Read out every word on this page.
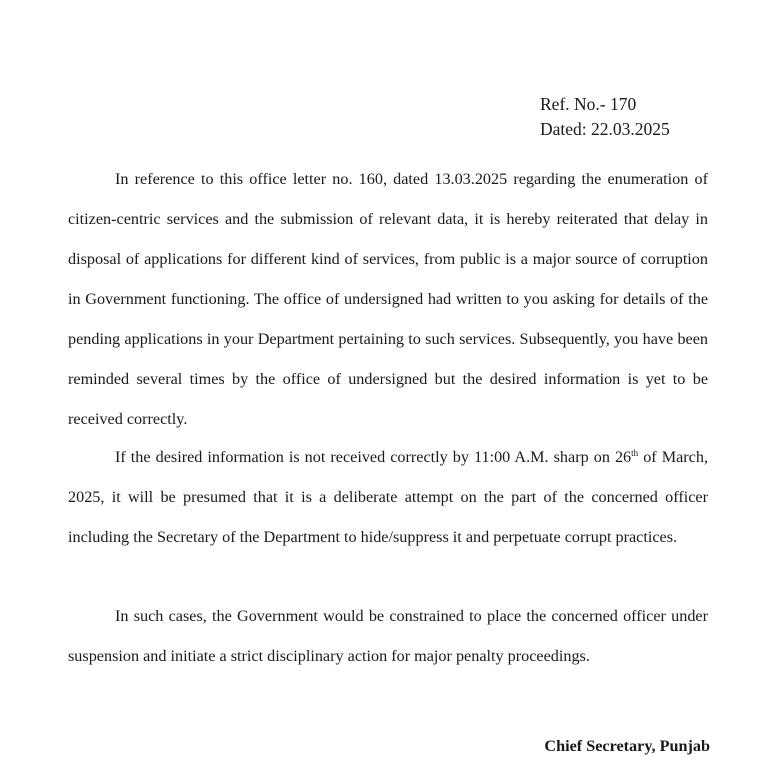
Ref. No.- 170
Dated: 22.03.2025

In reference to this office letter no. 160, dated 13.03.2025 regarding the enumeration of citizen-centric services and the submission of relevant data, it is hereby reiterated that delay in disposal of applications for different kind of services, from public is a major source of corruption in Government functioning. The office of undersigned had written to you asking for details of the pending applications in your Department pertaining to such services. Subsequently, you have been reminded several times by the office of undersigned but the desired information is yet to be received correctly.

If the desired information is not received correctly by 11:00 A.M. sharp on 26th of March, 2025, it will be presumed that it is a deliberate attempt on the part of the concerned officer including the Secretary of the Department to hide/suppress it and perpetuate corrupt practices.

In such cases, the Government would be constrained to place the concerned officer under suspension and initiate a strict disciplinary action for major penalty proceedings.

Chief Secretary, Punjab
